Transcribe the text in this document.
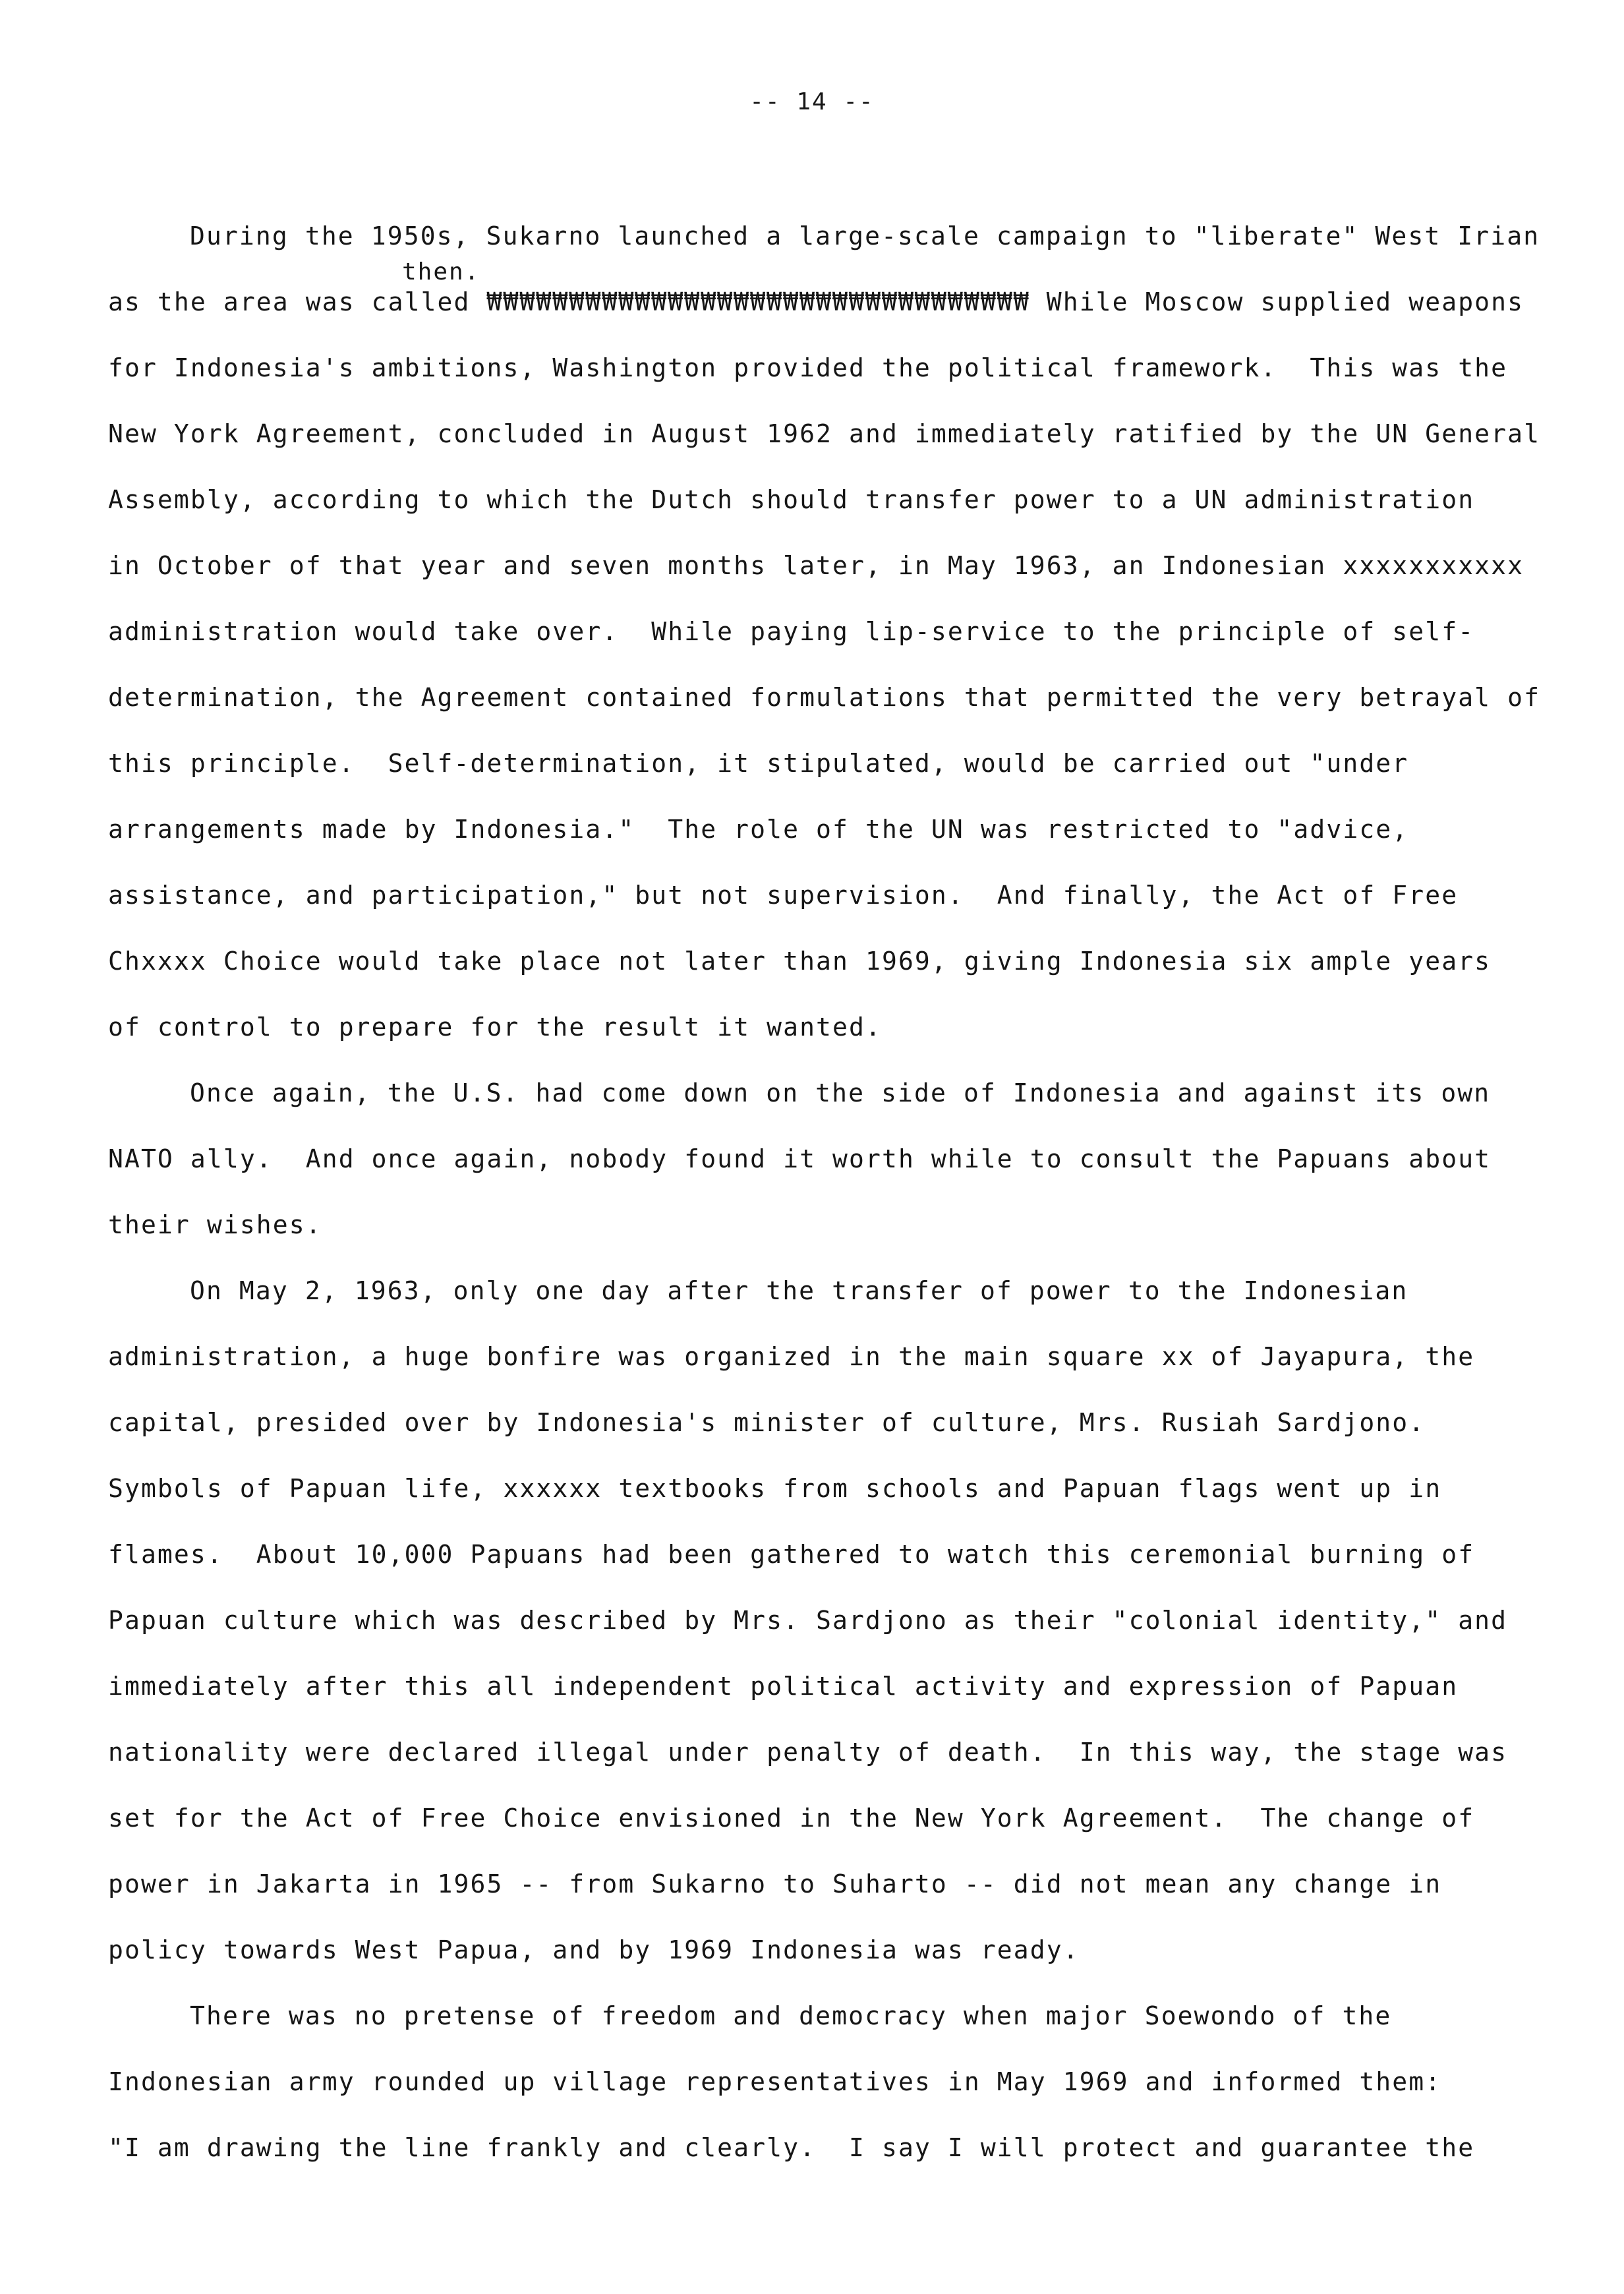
-- 14 --
then.
During the 1950s, Sukarno launched a large-scale campaign to "liberate" West Irian
as the area was called ₩₩₩₩₩₩₩₩₩₩₩₩₩₩₩₩₩₩₩₩₩₩₩₩₩₩₩₩₩₩₩₩₩ While Moscow supplied weapons
for Indonesia's ambitions, Washington provided the political framework.  This was the
New York Agreement, concluded in August 1962 and immediately ratified by the UN General
Assembly, according to which the Dutch should transfer power to a UN administration
in October of that year and seven months later, in May 1963, an Indonesian xxxxxxxxxxx
administration would take over.  While paying lip-service to the principle of self-
determination, the Agreement contained formulations that permitted the very betrayal of
this principle.  Self-determination, it stipulated, would be carried out "under
arrangements made by Indonesia."  The role of the UN was restricted to "advice,
assistance, and participation," but not supervision.  And finally, the Act of Free
Chxxxx Choice would take place not later than 1969, giving Indonesia six ample years
of control to prepare for the result it wanted.
Once again, the U.S. had come down on the side of Indonesia and against its own
NATO ally.  And once again, nobody found it worth while to consult the Papuans about
their wishes.
On May 2, 1963, only one day after the transfer of power to the Indonesian
administration, a huge bonfire was organized in the main square xx of Jayapura, the
capital, presided over by Indonesia's minister of culture, Mrs. Rusiah Sardjono.
Symbols of Papuan life, xxxxxx textbooks from schools and Papuan flags went up in
flames.  About 10,000 Papuans had been gathered to watch this ceremonial burning of
Papuan culture which was described by Mrs. Sardjono as their "colonial identity," and
immediately after this all independent political activity and expression of Papuan
nationality were declared illegal under penalty of death.  In this way, the stage was
set for the Act of Free Choice envisioned in the New York Agreement.  The change of
power in Jakarta in 1965 -- from Sukarno to Suharto -- did not mean any change in
policy towards West Papua, and by 1969 Indonesia was ready.
There was no pretense of freedom and democracy when major Soewondo of the
Indonesian army rounded up village representatives in May 1969 and informed them:
"I am drawing the line frankly and clearly.  I say I will protect and guarantee the
